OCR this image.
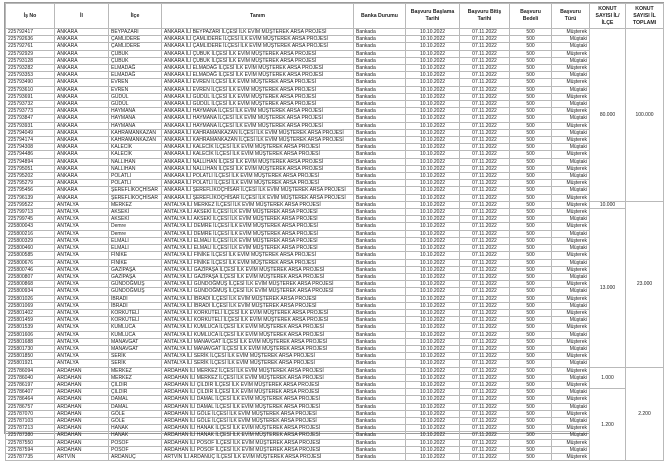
İş No	İl	İlçe	Tanım	Banka Durumu	Başvuru Başlama Tarihi	Başvuru Bitiş Tarihi	Başvuru Bedeli	Başvuru Türü	KONUT SAYISI İL/İLÇE	KONUT SAYISI İL TOPLAMI
225792417	ANKARA	BEYPAZARI	ANKARA İLİ BEYPAZARI İLÇESİ İLK EVİM MÜŞTEREK ARSA PROJESİ	Bankada	10.10.2022	07.11.2022	500	Müşterek	80.000	100.000
225792636	ANKARA	ÇAMLIDERE	ANKARA İLİ ÇAMLIDERE İLÇESİ İLK EVİM MÜŞTEREK ARSA PROJESİ	Bankada	10.10.2022	07.11.2022	500	Müştaki		
225792761	ANKARA	ÇAMLIDERE	ANKARA İLİ ÇAMLIDERE İLÇESİ İLK EVİM MÜŞTEREK ARSA PROJESİ	Bankada	10.10.2022	07.11.2022	500	Müştaki		
225792929	ANKARA	ÇUBUK	ANKARA İLİ ÇUBUK İLÇESİ İLK EVİM MÜŞTEREK ARSA PROJESİ	Bankada	10.10.2022	07.11.2022	500	Müşterek		
225793128	ANKARA	ÇUBUK	ANKARA İLİ ÇUBUK İLÇESİ İLK EVİM MÜŞTEREK ARSA PROJESİ	Bankada	10.10.2022	07.11.2022	500	Müştaki		
225793282	ANKARA	ELMADAĞ	ANKARA İLİ ELMADAĞ İLÇESİ İLK EVİM MÜŞTEREK ARSA PROJESİ	Bankada	10.10.2022	07.11.2022	500	Müşterek		
225793353	ANKARA	ELMADAĞ	ANKARA İLİ ELMADAĞ İLÇESİ İLK EVİM MÜŞTEREK ARSA PROJESİ	Bankada	10.10.2022	07.11.2022	500	Müştaki		
225793490	ANKARA	EVREN	ANKARA İLİ EVREN İLÇESİ İLK EVİM MÜŞTEREK ARSA PROJESİ	Bankada	10.10.2022	07.11.2022	500	Müşterek		
225793610	ANKARA	EVREN	ANKARA İLİ EVREN İLÇESİ İLK EVİM MÜŞTEREK ARSA PROJESİ	Bankada	10.10.2022	07.11.2022	500	Müştaki		
225793691	ANKARA	GÜDÜL	ANKARA İLİ GÜDÜL İLÇESİ İLK EVİM MÜŞTEREK ARSA PROJESİ	Bankada	10.10.2022	07.11.2022	500	Müşterek		
225793732	ANKARA	GÜDÜL	ANKARA İLİ GÜDÜL İLÇESİ İLK EVİM MÜŞTEREK ARSA PROJESİ	Bankada	10.10.2022	07.11.2022	500	Müştaki		
225793773	ANKARA	HAYMANA	ANKARA İLİ HAYMANA İLÇESİ İLK EVİM MÜŞTEREK ARSA PROJESİ	Bankada	10.10.2022	07.11.2022	500	Müşterek		
225793847	ANKARA	HAYMANA	ANKARA İLİ HAYMANA İLÇESİ İLK EVİM MÜŞTEREK ARSA PROJESİ	Bankada	10.10.2022	07.11.2022	500	Müştaki		
225793931	ANKARA	HAYMANA	ANKARA İLİ HAYMANA İLÇESİ İLK EVİM MÜŞTEREK ARSA PROJESİ	Bankada	10.10.2022	07.11.2022	500	Müşterek		
225794049	ANKARA	KAHRAMANKAZAN	ANKARA İLİ KAHRAMANKAZAN İLÇESİ İLK EVİM MÜŞTEREK ARSA PROJESİ	Bankada	10.10.2022	07.11.2022	500	Müştaki		
225794174	ANKARA	KAHRAMANKAZAN	ANKARA İLİ KAHRAMANKAZAN İLÇESİ İLK EVİM MÜŞTEREK ARSA PROJESİ	Bankada	10.10.2022	07.11.2022	500	Müşterek		
225794308	ANKARA	KALECİK	ANKARA İLİ KALECİK İLÇESİ İLK EVİM MÜŞTEREK ARSA PROJESİ	Bankada	10.10.2022	07.11.2022	500	Müştaki		
225794486	ANKARA	KALECİK	ANKARA İLİ KALECİK İLÇESİ İLK EVİM MÜŞTEREK ARSA PROJESİ	Bankada	10.10.2022	07.11.2022	500	Müşterek		
225794894	ANKARA	NALLIHAN	ANKARA İLİ NALLIHAN İLÇESİ İLK EVİM MÜŞTEREK ARSA PROJESİ	Bankada	10.10.2022	07.11.2022	500	Müştaki		
225795051	ANKARA	NALLIHAN	ANKARA İLİ NALLIHAN İLÇESİ İLK EVİM MÜŞTEREK ARSA PROJESİ	Bankada	10.10.2022	07.11.2022	500	Müşterek		
225795202	ANKARA	POLATLI	ANKARA İLİ POLATLI İLÇESİ İLK EVİM MÜŞTEREK ARSA PROJESİ	Bankada	10.10.2022	07.11.2022	500	Müştaki		
225795279	ANKARA	POLATLI	ANKARA İLİ POLATLI İLÇESİ İLK EVİM MÜŞTEREK ARSA PROJESİ	Bankada	10.10.2022	07.11.2022	500	Müşterek		
225795456	ANKARA	ŞEREFLİKOÇHİSAR	ANKARA İLİ ŞEREFLİKOÇHİSAR İLÇESİ İLK EVİM MÜŞTEREK ARSA PROJESİ	Bankada	10.10.2022	07.11.2022	500	Müştaki		
225796139	ANKARA	ŞEREFLİKOÇHİSAR	ANKARA İLİ ŞEREFLİKOÇHİSAR İLÇESİ İLK EVİM MÜŞTEREK ARSA PROJESİ	Bankada	10.10.2022	07.11.2022	500	Müşterek		
225799522	ANTALYA	MERKEZ	ANTALYA İLİ MERKEZ İLÇESİ İLK EVİM MÜŞTEREK ARSA PROJESİ	Bankada	10.10.2022	07.11.2022	500	Müşterek	10.000	23.000
225799713	ANTALYA	AKSEKİ	ANTALYA İLİ AKSEKİ İLÇESİ İLK EVİM MÜŞTEREK ARSA PROJESİ	Bankada	10.10.2022	07.11.2022	500	Müşterek	13.000	
225799745	ANTALYA	AKSEKİ	ANTALYA İLİ AKSEKİ İLÇESİ İLK EVİM MÜŞTEREK ARSA PROJESİ	Bankada	10.10.2022	07.11.2022	500	Müştaki		
225800043	ANTALYA	Demre	ANTALYA İLİ DEMRE İLÇESİ İLK EVİM MÜŞTEREK ARSA PROJESİ	Bankada	10.10.2022	07.11.2022	500	Müşterek		
225800216	ANTALYA	Demre	ANTALYA İLİ DEMRE İLÇESİ İLK EVİM MÜŞTEREK ARSA PROJESİ	Bankada	10.10.2022	07.11.2022	500	Müştaki		
225800329	ANTALYA	ELMALI	ANTALYA İLİ ELMALI İLÇESİ İLK EVİM MÜŞTEREK ARSA PROJESİ	Bankada	10.10.2022	07.11.2022	500	Müşterek		
225800460	ANTALYA	ELMALI	ANTALYA İLİ ELMALI İLÇESİ İLK EVİM MÜŞTEREK ARSA PROJESİ	Bankada	10.10.2022	07.11.2022	500	Müştaki		
225800585	ANTALYA	FİNİKE	ANTALYA İLİ FİNİKE İLÇESİ İLK EVİM MÜŞTEREK ARSA PROJESİ	Bankada	10.10.2022	07.11.2022	500	Müşterek		
225800676	ANTALYA	FİNİKE	ANTALYA İLİ FİNİKE İLÇESİ İLK EVİM MÜŞTEREK ARSA PROJESİ	Bankada	10.10.2022	07.11.2022	500	Müştaki		
225800746	ANTALYA	GAZİPAŞA	ANTALYA İLİ GAZİPAŞA İLÇESİ İLK EVİM MÜŞTEREK ARSA PROJESİ	Bankada	10.10.2022	07.11.2022	500	Müşterek		
225800807	ANTALYA	GAZİPAŞA	ANTALYA İLİ GAZİPAŞA İLÇESİ İLK EVİM MÜŞTEREK ARSA PROJESİ	Bankada	10.10.2022	07.11.2022	500	Müştaki		
225800868	ANTALYA	GÜNDOĞMUŞ	ANTALYA İLİ GÜNDOĞMUŞ İLÇESİ İLK EVİM MÜŞTEREK ARSA PROJESİ	Bankada	10.10.2022	07.11.2022	500	Müşterek		
225800934	ANTALYA	GÜNDOĞMUŞ	ANTALYA İLİ GÜNDOĞMUŞ İLÇESİ İLK EVİM MÜŞTEREK ARSA PROJESİ	Bankada	10.10.2022	07.11.2022	500	Müştaki		
225801026	ANTALYA	İBRADI	ANTALYA İLİ İBRADI İLÇESİ İLK EVİM MÜŞTEREK ARSA PROJESİ	Bankada	10.10.2022	07.11.2022	500	Müşterek		
225801069	ANTALYA	İBRADI	ANTALYA İLİ İBRADI İLÇESİ İLK EVİM MÜŞTEREK ARSA PROJESİ	Bankada	10.10.2022	07.11.2022	500	Müştaki		
225801402	ANTALYA	KORKUTELİ	ANTALYA İLİ KORKUTELİ İLÇESİ İLK EVİM MÜŞTEREK ARSA PROJESİ	Bankada	10.10.2022	07.11.2022	500	Müşterek		
225801459	ANTALYA	KORKUTELİ	ANTALYA İLİ KORKUTELİ İLÇESİ İLK EVİM MÜŞTEREK ARSA PROJESİ	Bankada	10.10.2022	07.11.2022	500	Müştaki		
225801539	ANTALYA	KUMLUCA	ANTALYA İLİ KUMLUCA İLÇESİ İLK EVİM MÜŞTEREK ARSA PROJESİ	Bankada	10.10.2022	07.11.2022	500	Müşterek		
225801606	ANTALYA	KUMLUCA	ANTALYA İLİ KUMLUCA İLÇESİ İLK EVİM MÜŞTEREK ARSA PROJESİ	Bankada	10.10.2022	07.11.2022	500	Müştaki		
225801688	ANTALYA	MANAVGAT	ANTALYA İLİ MANAVGAT İLÇESİ İLK EVİM MÜŞTEREK ARSA PROJESİ	Bankada	10.10.2022	07.11.2022	500	Müşterek		
225801730	ANTALYA	MANAVGAT	ANTALYA İLİ MANAVGAT İLÇESİ İLK EVİM MÜŞTEREK ARSA PROJESİ	Bankada	10.10.2022	07.11.2022	500	Müştaki		
225801850	ANTALYA	SERİK	ANTALYA İLİ SERİK İLÇESİ İLK EVİM MÜŞTEREK ARSA PROJESİ	Bankada	10.10.2022	07.11.2022	500	Müşterek		
225801921	ANTALYA	SERİK	ANTALYA İLİ SERİK İLÇESİ İLK EVİM MÜŞTEREK ARSA PROJESİ	Bankada	10.10.2022	07.11.2022	500	Müştaki		
225786094	ARDAHAN	MERKEZ	ARDAHAN İLİ MERKEZ İLÇESİ İLK EVİM MÜŞTEREK ARSA PROJESİ	Bankada	10.10.2022	07.11.2022	500	Müşterek	1.000	2.200
225786040	ARDAHAN	MERKEZ	ARDAHAN İLİ MERKEZ İLÇESİ İLK EVİM MÜŞTEREK ARSA PROJESİ	Bankada	10.10.2022	07.11.2022	500	Müştaki		
225786197	ARDAHAN	ÇILDIR	ARDAHAN İLİ ÇILDIR İLÇESİ İLK EVİM MÜŞTEREK ARSA PROJESİ	Bankada	10.10.2022	07.11.2022	500	Müşterek		
225786407	ARDAHAN	ÇILDIR	ARDAHAN İLİ ÇILDIR İLÇESİ İLK EVİM MÜŞTEREK ARSA PROJESİ	Bankada	10.10.2022	07.11.2022	500	Müştaki	1.200	
225786464	ARDAHAN	DAMAL	ARDAHAN İLİ DAMAL İLÇESİ İLK EVİM MÜŞTEREK ARSA PROJESİ	Bankada	10.10.2022	07.11.2022	500	Müşterek		
225786757	ARDAHAN	DAMAL	ARDAHAN İLİ DAMAL İLÇESİ İLK EVİM MÜŞTEREK ARSA PROJESİ	Bankada	10.10.2022	07.11.2022	500	Müştaki		
225787070	ARDAHAN	GÖLE	ARDAHAN İLİ GÖLE İLÇESİ İLK EVİM MÜŞTEREK ARSA PROJESİ	Bankada	10.10.2022	07.11.2022	500	Müşterek		
225787103	ARDAHAN	GÖLE	ARDAHAN İLİ GÖLE İLÇESİ İLK EVİM MÜŞTEREK ARSA PROJESİ	Bankada	10.10.2022	07.11.2022	500	Müştaki		
225787213	ARDAHAN	HANAK	ARDAHAN İLİ HANAK İLÇESİ İLK EVİM MÜŞTEREK ARSA PROJESİ	Bankada	10.10.2022	07.11.2022	500	Müşterek		
225787380	ARDAHAN	HANAK	ARDAHAN İLİ HANAK İLÇESİ İLK EVİM MÜŞTEREK ARSA PROJESİ	Bankada	10.10.2022	07.11.2022	500	Müştaki		
225787550	ARDAHAN	POSOF	ARDAHAN İLİ POSOF İLÇESİ İLK EVİM MÜŞTEREK ARSA PROJESİ	Bankada	10.10.2022	07.11.2022	500	Müşterek		
225787594	ARDAHAN	POSOF	ARDAHAN İLİ POSOF İLÇESİ İLK EVİM MÜŞTEREK ARSA PROJESİ	Bankada	10.10.2022	07.11.2022	500	Müştaki		
225787735	ARTVİN	ARDANUÇ	ARTVİN İLİ ARDANUÇ İLÇESİ İLK EVİM MÜŞTEREK ARSA PROJESİ	Bankada	10.10.2022	07.11.2022	500	Müşterek		
